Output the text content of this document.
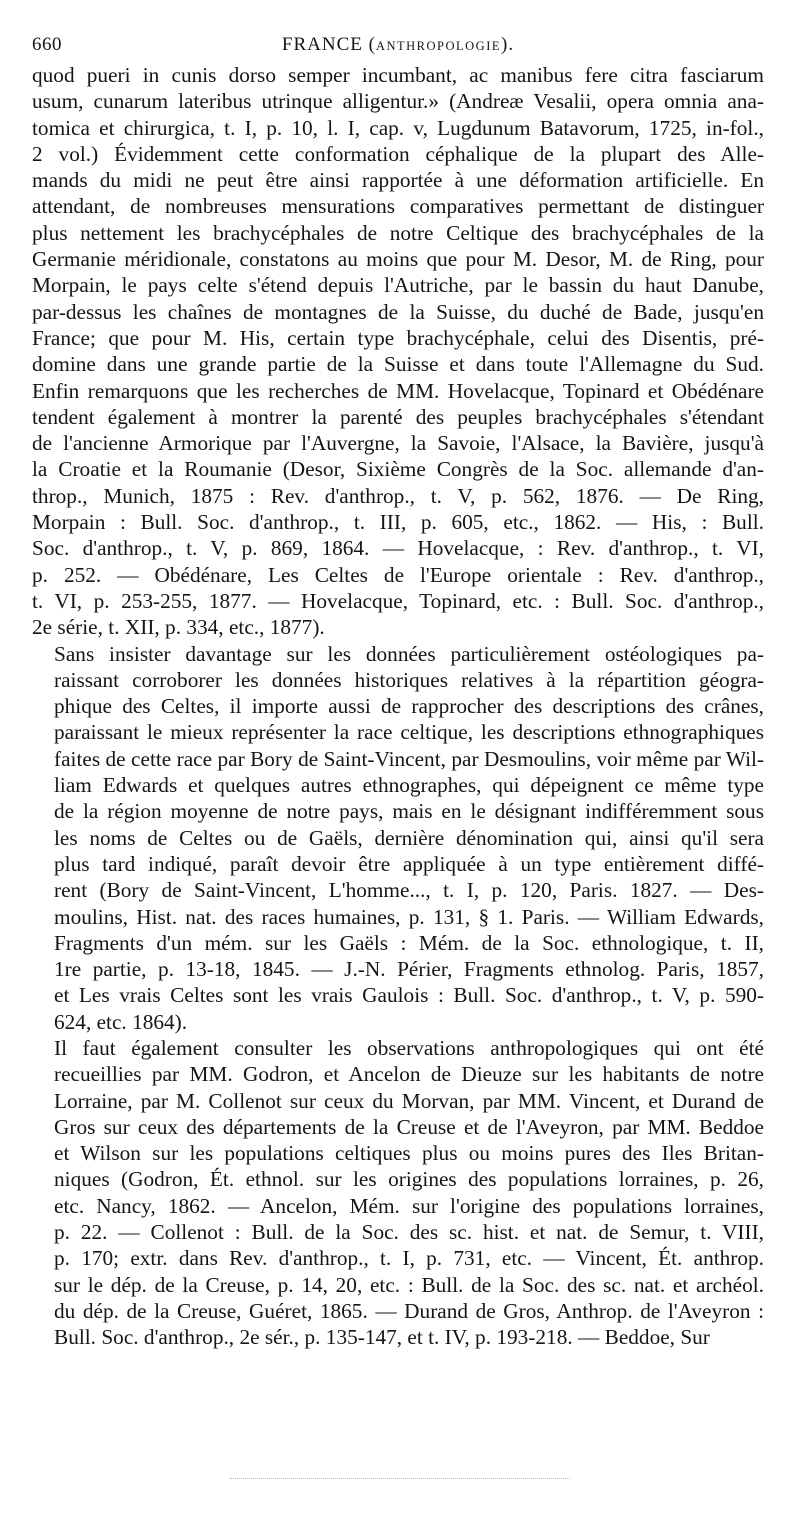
660	FRANCE (ANTHROPOLOGIE).

quod pueri in cunis dorso semper incumbant, ac manibus fere citra fasciarum
usum, cunarum lateribus utrinque alligentur.» (Andreæ Vesalii, opera omnia ana-
tomica et chirurgica, t. I, p. 10, l. I, cap. v, Lugdunum Batavorum, 1725, in-fol.,
2 vol.) Évidemment cette conformation céphalique de la plupart des Alle-
mands du midi ne peut être ainsi rapportée à une déformation artificielle. En
attendant, de nombreuses mensurations comparatives permettant de distinguer
plus nettement les brachycéphales de notre Celtique des brachycéphales de la
Germanie méridionale, constatons au moins que pour M. Desor, M. de Ring, pour
Morpain, le pays celte s'étend depuis l'Autriche, par le bassin du haut Danube,
par-dessus les chaînes de montagnes de la Suisse, du duché de Bade, jusqu'en
France; que pour M. His, certain type brachycéphale, celui des Disentis, pré-
domine dans une grande partie de la Suisse et dans toute l'Allemagne du Sud.
Enfin remarquons que les recherches de MM. Hovelacque, Topinard et Obédénare
tendent également à montrer la parenté des peuples brachycéphales s'étendant
de l'ancienne Armorique par l'Auvergne, la Savoie, l'Alsace, la Bavière, jusqu'à
la Croatie et la Roumanie (Desor, Sixième Congrès de la Soc. allemande d'an-
throp., Munich, 1875 : Rev. d'anthrop., t. V, p. 562, 1876. — De Ring,
Morpain : Bull. Soc. d'anthrop., t. III, p. 605, etc., 1862. — His, : Bull.
Soc. d'anthrop., t. V, p. 869, 1864. — Hovelacque, : Rev. d'anthrop., t. VI,
p. 252. — Obédénare, Les Celtes de l'Europe orientale : Rev. d'anthrop.,
t. VI, p. 253-255, 1877. — Hovelacque, Topinard, etc. : Bull. Soc. d'anthrop.,
2e série, t. XII, p. 334, etc., 1877).

Sans insister davantage sur les données particulièrement ostéologiques pa-
raissant corroborer les données historiques relatives à la répartition géogra-
phique des Celtes, il importe aussi de rapprocher des descriptions des crânes,
paraissant le mieux représenter la race celtique, les descriptions ethnographiques
faites de cette race par Bory de Saint-Vincent, par Desmoulins, voir même par Wil-
liam Edwards et quelques autres ethnographes, qui dépeignent ce même type
de la région moyenne de notre pays, mais en le désignant indifféremment sous
les noms de Celtes ou de Gaëls, dernière dénomination qui, ainsi qu'il sera
plus tard indiqué, paraît devoir être appliquée à un type entièrement diffé-
rent (Bory de Saint-Vincent, L'homme..., t. I, p. 120, Paris. 1827. — Des-
moulins, Hist. nat. des races humaines, p. 131, § 1. Paris. — William Edwards,
Fragments d'un mém. sur les Gaëls : Mém. de la Soc. ethnologique, t. II,
1re partie, p. 13-18, 1845. — J.-N. Périer, Fragments ethnolog. Paris, 1857,
et Les vrais Celtes sont les vrais Gaulois : Bull. Soc. d'anthrop., t. V, p. 590-
624, etc. 1864).

Il faut également consulter les observations anthropologiques qui ont été
recueillies par MM. Godron, et Ancelon de Dieuze sur les habitants de notre
Lorraine, par M. Collenot sur ceux du Morvan, par MM. Vincent, et Durand de
Gros sur ceux des départements de la Creuse et de l'Aveyron, par MM. Beddoe
et Wilson sur les populations celtiques plus ou moins pures des Iles Britan-
niques (Godron, Ét. ethnol. sur les origines des populations lorraines, p. 26,
etc. Nancy, 1862. — Ancelon, Mém. sur l'origine des populations lorraines,
p. 22. — Collenot : Bull. de la Soc. des sc. hist. et nat. de Semur, t. VIII,
p. 170; extr. dans Rev. d'anthrop., t. I, p. 731, etc. — Vincent, Ét. anthrop.
sur le dép. de la Creuse, p. 14, 20, etc. : Bull. de la Soc. des sc. nat. et archéol.
du dép. de la Creuse, Guéret, 1865. — Durand de Gros, Anthrop. de l'Aveyron :
Bull. Soc. d'anthrop., 2e sér., p. 135-147, et t. IV, p. 193-218. — Beddoe, Sur
